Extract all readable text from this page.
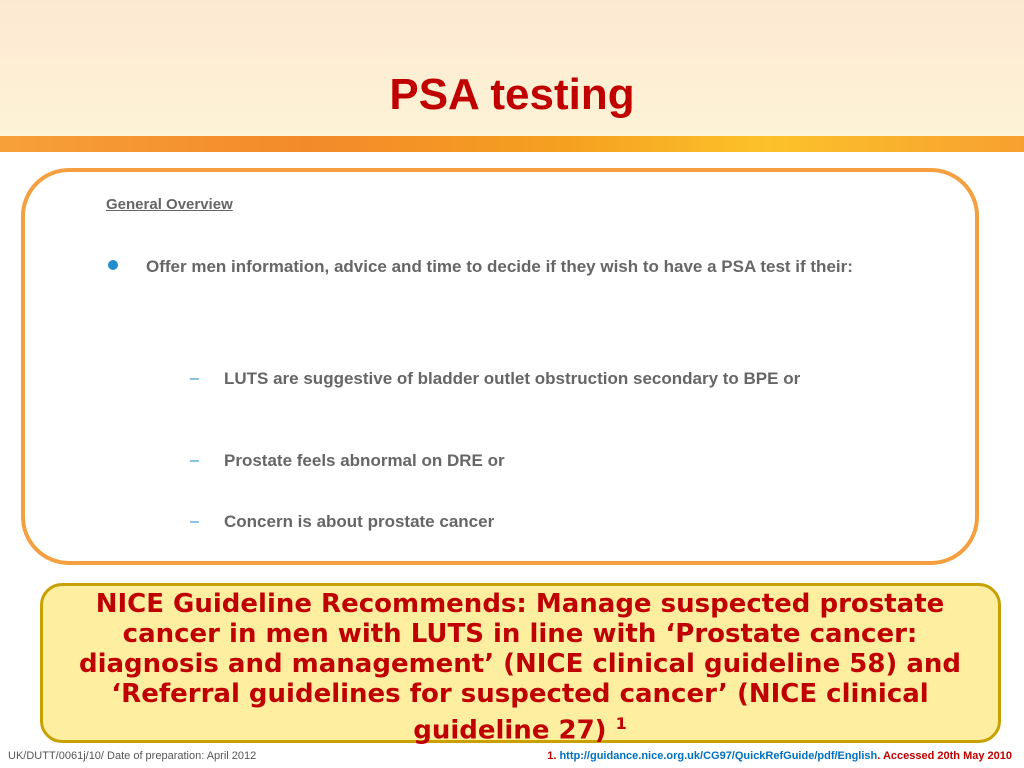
PSA testing
General Overview
Offer men information, advice and time to decide if they wish to have a PSA test if their:
– LUTS are suggestive of bladder outlet obstruction secondary to BPE or
– Prostate feels abnormal on DRE or
– Concern is about prostate cancer
NICE Guideline Recommends: Manage suspected prostate cancer in men with LUTS in line with ‘Prostate cancer: diagnosis and management’ (NICE clinical guideline 58) and ‘Referral guidelines for suspected cancer’ (NICE clinical guideline 27) $^1$
UK/DUTT/0061j/10/ Date of preparation: April 2012	1. http://guidance.nice.org.uk/CG97/QuickRefGuide/pdf/English. Accessed 20th May 2010
